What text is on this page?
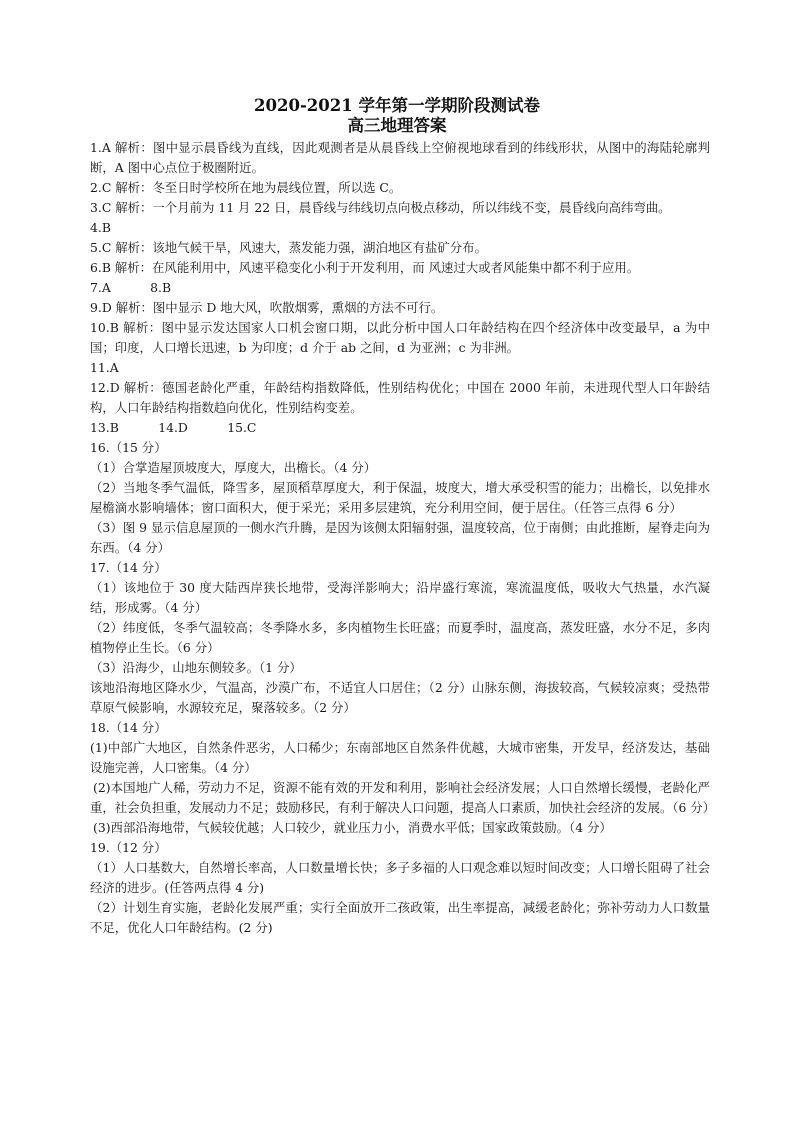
2020-2021 学年第一学期阶段测试卷
高三地理答案

1.A 解析：图中显示晨昏线为直线，因此观测者是从晨昏线上空俯视地球看到的纬线形状，从图中的海陆轮廓判断，A 图中心点位于极圈附近。

2.C 解析：冬至日时学校所在地为晨线位置，所以选 C。

3.C 解析：一个月前为 11 月 22 日，晨昏线与纬线切点向极点移动，所以纬线不变，晨昏线向高纬弯曲。

4.B

5.C 解析：该地气候干旱，风速大，蒸发能力强，湖泊地区有盐矿分布。

6.B 解析：在风能利用中，风速平稳变化小利于开发利用，而 风速过大或者风能集中都不利于应用。

7.A          8.B

9.D 解析：图中显示 D 地大风，吹散烟雾，熏烟的方法不可行。

10.B 解析：图中显示发达国家人口机会窗口期，以此分析中国人口年龄结构在四个经济体中改变最早，a 为中国；印度，人口增长迅速，b 为印度；d 介于 ab 之间，d 为亚洲；c 为非洲。

11.A

12.D 解析：德国老龄化严重，年龄结构指数降低，性别结构优化；中国在 2000 年前，未进现代型人口年龄结构，人口年龄结构指数趋向优化，性别结构变差。

13.B          14.D          15.C

16.（15 分）

（1）合掌造屋顶坡度大，厚度大，出檐长。（4 分）

（2）当地冬季气温低，降雪多，屋顶稻草厚度大，利于保温，坡度大，增大承受积雪的能力；出檐长，以免排水屋檐滴水影响墙体；窗口面积大，便于采光；采用多层建筑，充分利用空间，便于居住。（任答三点得 6 分）

（3）图 9 显示信息屋顶的一侧水汽升腾，是因为该侧太阳辐射强，温度较高，位于南侧；由此推断，屋脊走向为东西。（4 分）

17.（14 分）

（1）该地位于 30 度大陆西岸狭长地带，受海洋影响大；沿岸盛行寒流，寒流温度低，吸收大气热量，水汽凝结，形成雾。（4 分）

（2）纬度低，冬季气温较高；冬季降水多，多肉植物生长旺盛；而夏季时，温度高，蒸发旺盛，水分不足，多肉植物停止生长。（6 分）

（3）沿海少，山地东侧较多。（1 分）

该地沿海地区降水少，气温高，沙漠广布，不适宜人口居住；（2 分）山脉东侧，海拔较高，气候较凉爽；受热带草原气候影响，水源较充足，聚落较多。（2 分）

18.（14 分）

(1)中部广大地区，自然条件恶劣，人口稀少；东南部地区自然条件优越，大城市密集，开发早，经济发达，基础设施完善，人口密集。（4 分）

(2)本国地广人稀，劳动力不足，资源不能有效的开发和利用，影响社会经济发展；人口自然增长缓慢，老龄化严重，社会负担重，发展动力不足；鼓励移民，有利于解决人口问题，提高人口素质，加快社会经济的发展。（6 分）

(3)西部沿海地带，气候较优越；人口较少，就业压力小，消费水平低；国家政策鼓励。（4 分）

19.（12 分）

（1）人口基数大，自然增长率高，人口数量增长快；多子多福的人口观念难以短时间改变；人口增长阻碍了社会经济的进步。(任答两点得 4 分)

（2）计划生育实施，老龄化发展严重；实行全面放开二孩政策，出生率提高，减缓老龄化；弥补劳动力人口数量不足，优化人口年龄结构。(2 分)
